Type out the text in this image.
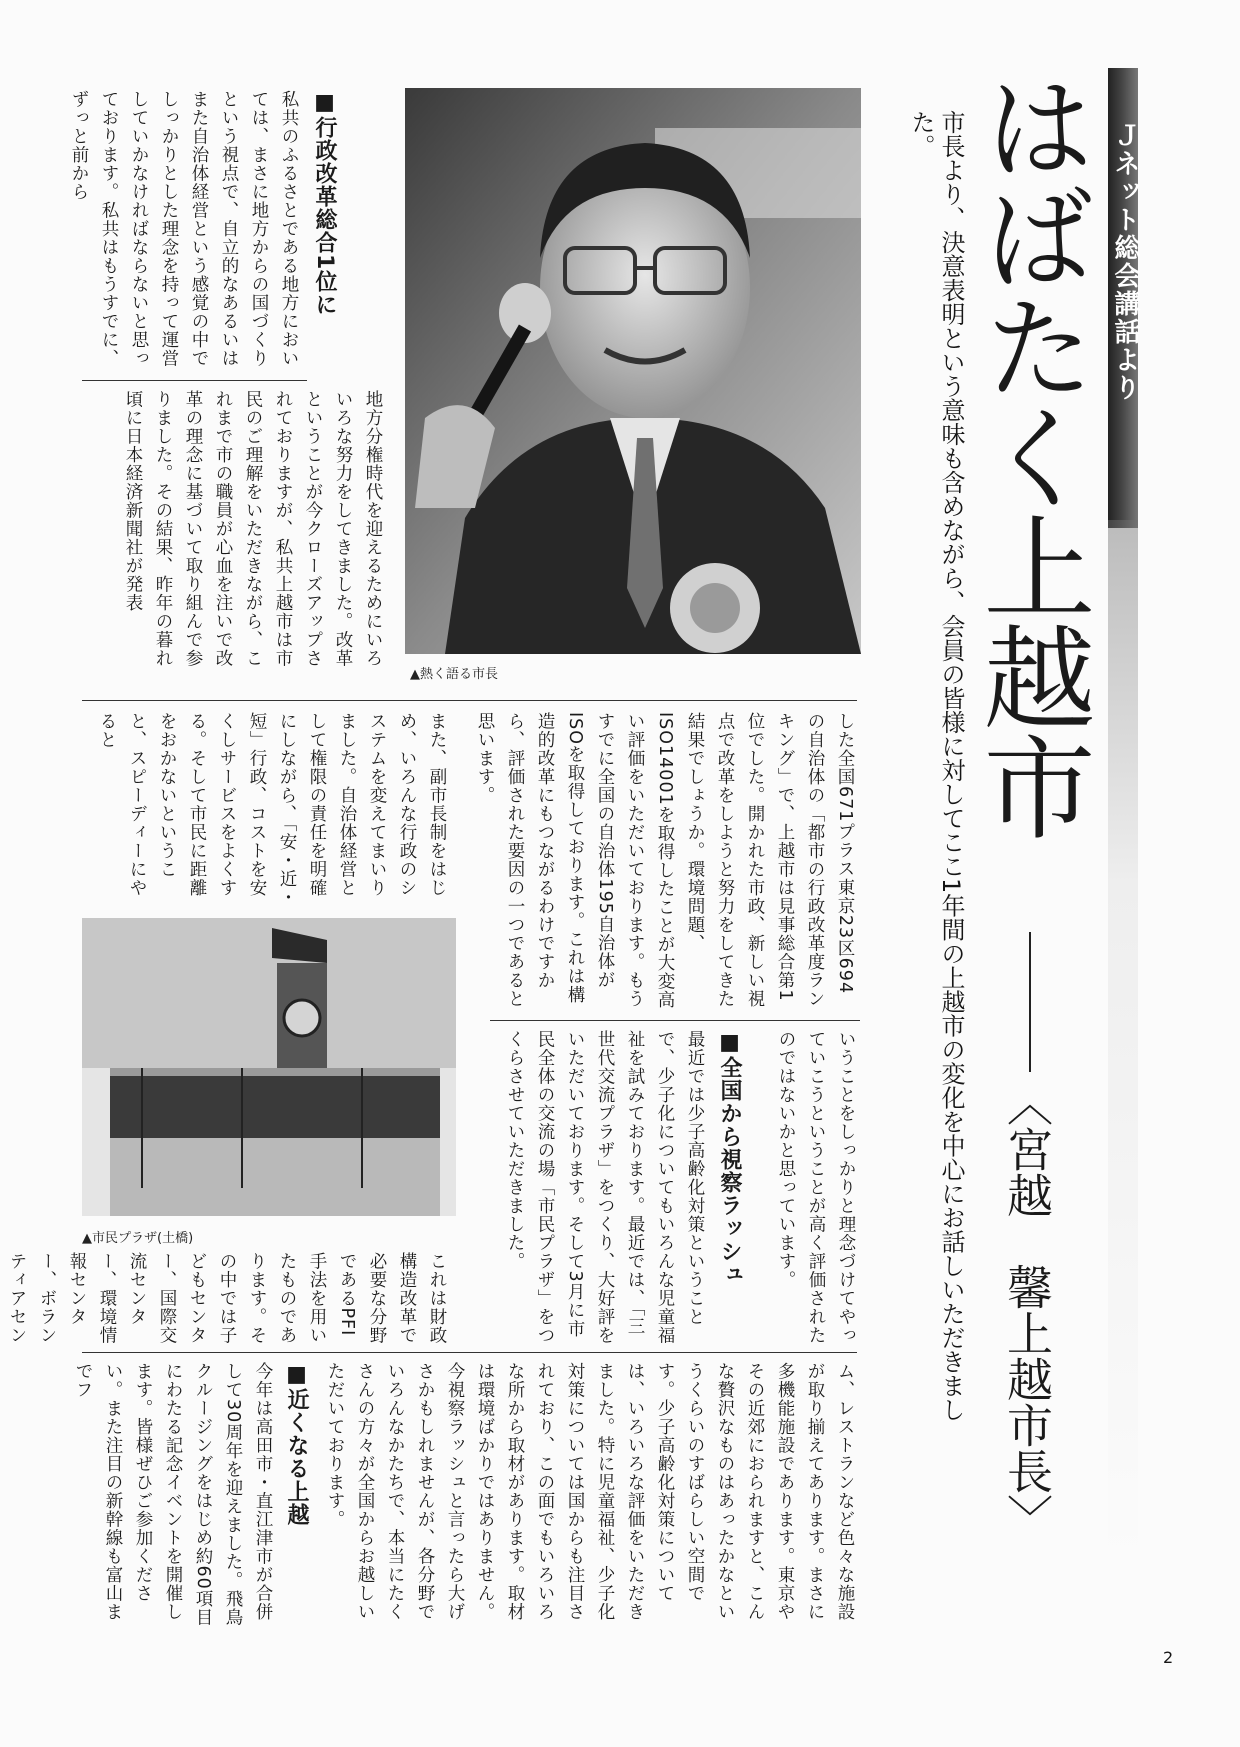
Ｊネット総会講話より
はばたく上越市
〈宮越　馨上越市長〉
市長より、決意表明という意味も含めながら、会員の皆様に対してここ1年間の上越市の変化を中心にお話しいただきました。
▲熱く語る市長
▲市民プラザ(土橋)
■行政改革総合1位に
私共のふるさとである地方においては、まさに地方からの国づくりという視点で、自立的なあるいはまた自治体経営という感覚の中でしっかりとした理念を持って運営していかなければならないと思っております。私共はもうすでに、ずっと前から
地方分権時代を迎えるためにいろいろな努力をしてきました。改革ということが今クローズアップされておりますが、私共上越市は市民のご理解をいただきながら、これまで市の職員が心血を注いで改革の理念に基づいて取り組んで参りました。その結果、昨年の暮れ頃に日本経済新聞社が発表
した全国671プラス東京23区694の自治体の「都市の行政改革度ランキング」で、上越市は見事総合第1位でした。開かれた市政、新しい視点で改革をしようと努力をしてきた結果でしょうか。環境問題、ISO14001を取得したことが大変高い評価をいただいております。もうすでに全国の自治体195自治体がISOを取得しております。これは構造的改革にもつながるわけですから、評価された要因の一つであると思います。
また、副市長制をはじめ、いろんな行政のシステムを変えてまいりました。自治体経営として権限の責任を明確にしながら、「安・近・短」行政、コストを安くしサービスをよくする。そして市民に距離をおかないということ、スピーディーにやると
いうことをしっかりと理念づけてやっていこうということが高く評価されたのではないかと思っています。
■全国から視察ラッシュ
最近では少子高齢化対策ということで、少子化についてもいろんな児童福祉を試みております。最近では、「三世代交流プラザ」をつくり、大好評をいただいております。そして3月に市民全体の交流の場「市民プラザ」をつくらさせていただきました。
これは財政構造改革で必要な分野であるPFI手法を用いたものであります。その中では子どもセンター、国際交流センター、環境情報センター、ボランティアセン
ム、レストランなど色々な施設が取り揃えてあります。まさに多機能施設であります。東京やその近郊におられますと、こんな贅沢なものはあったかなというくらいのすばらしい空間です。少子高齢化対策については、いろいろな評価をいただきました。特に児童福祉、少子化対策については国からも注目されており、この面でもいろいろな所から取材があります。取材は環境ばかりではありません。今視察ラッシュと言ったら大げさかもしれませんが、各分野でいろんなかたちで、本当にたくさんの方々が全国からお越しいただいております。
■近くなる上越
今年は高田市・直江津市が合併して30周年を迎えました。飛鳥クルージングをはじめ約60項目にわたる記念イベントを開催します。皆様ぜひご参加ください。また注目の新幹線も富山までフ
2
